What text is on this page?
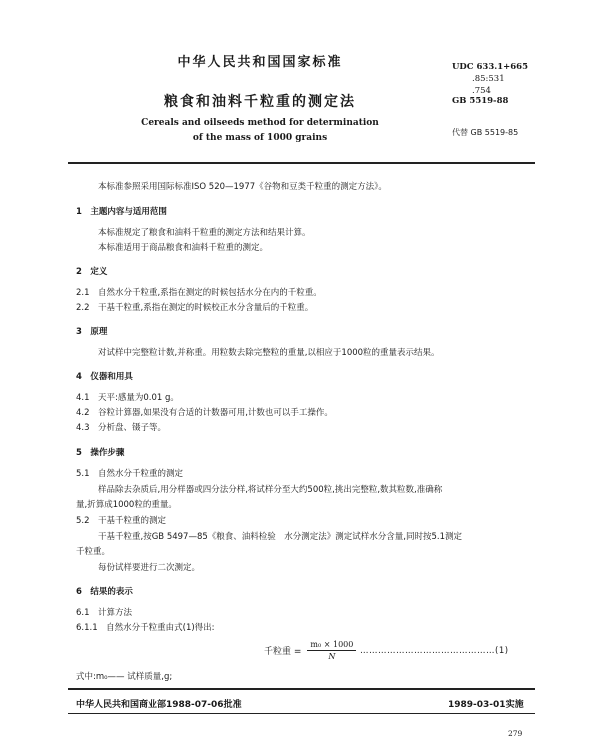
中华人民共和国国家标准
粮食和油料千粒重的测定法
Cereals and oilseeds method for determination
of the mass of 1000 grains
UDC 633.1+665
.85:531
.754
GB 5519-88
代替 GB 5519-85
本标准参照采用国际标准ISO 520—1977《谷物和豆类千粒重的测定方法》。
1　主题内容与适用范围
本标准规定了粮食和油料千粒重的测定方法和结果计算。
本标准适用于商品粮食和油料千粒重的测定。
2　定义
2.1　自然水分千粒重,系指在测定的时候包括水分在内的千粒重。
2.2　干基千粒重,系指在测定的时候校正水分含量后的千粒重。
3　原理
对试样中完整粒计数,并称重。用粒数去除完整粒的重量,以相应于1000粒的重量表示结果。
4　仪器和用具
4.1　天平:感量为0.01 g。
4.2　谷粒计算器,如果没有合适的计数器可用,计数也可以手工操作。
4.3　分析盘、镊子等。
5　操作步骤
5.1　自然水分千粒重的测定
样品除去杂质后,用分样器或四分法分样,将试样分至大约500粒,挑出完整粒,数其粒数,准确称
量,折算成1000粒的重量。
5.2　干基千粒重的测定
干基千粒重,按GB 5497—85《粮食、油料检验　水分测定法》测定试样水分含量,同时按5.1测定
千粒重。
每份试样要进行二次测定。
6　结果的表示
6.1　计算方法
6.1.1　自然水分千粒重由式(1)得出:
千粒重 = $\frac{\text{m₀ × 1000}}{N}$ ………………………………………(1)
式中:m₀—— 试样质量,g;
中华人民共和国商业部1988-07-06批准	1989-03-01实施
279
